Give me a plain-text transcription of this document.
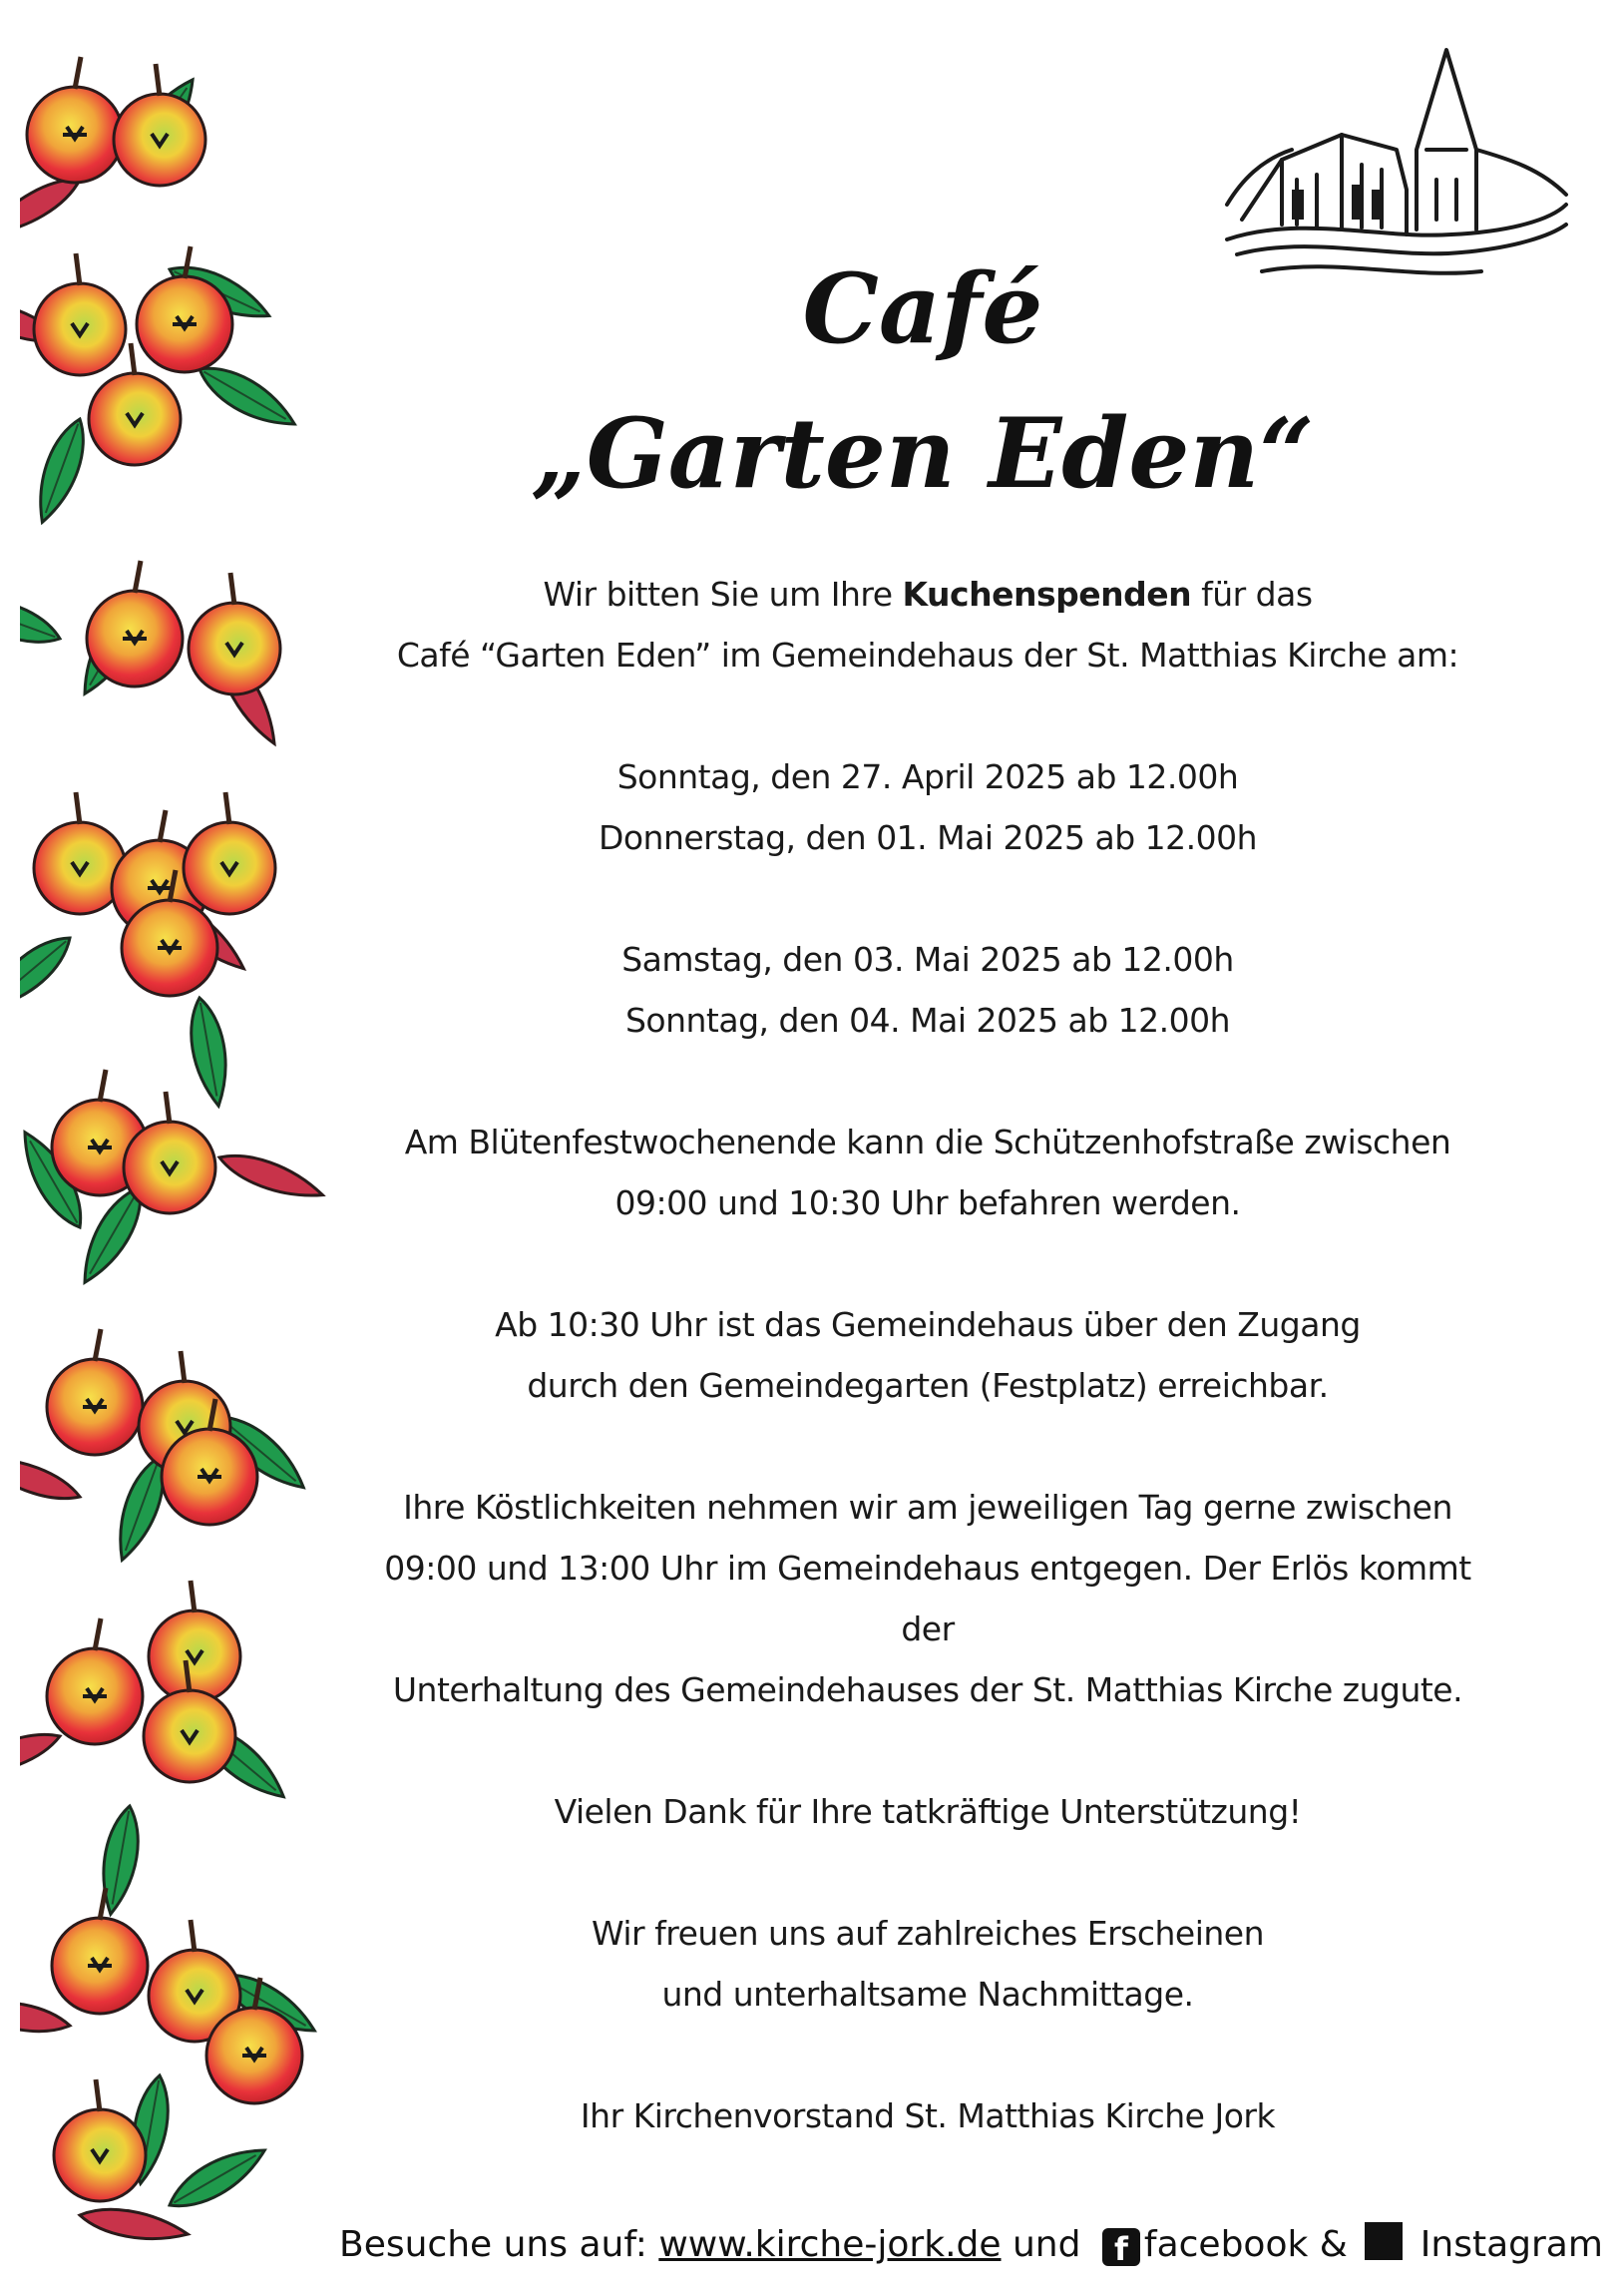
Café
„Garten Eden“

Wir bitten Sie um Ihre Kuchenspenden für das
Café “Garten Eden” im Gemeindehaus der St. Matthias Kirche am:

Sonntag, den 27. April 2025 ab 12.00h
Donnerstag, den 01. Mai 2025 ab 12.00h

Samstag, den 03. Mai 2025 ab 12.00h
Sonntag, den 04. Mai 2025 ab 12.00h

Am Blütenfestwochenende kann die Schützenhofstraße zwischen
09:00 und 10:30 Uhr befahren werden.

Ab 10:30 Uhr ist das Gemeindehaus über den Zugang
durch den Gemeindegarten (Festplatz) erreichbar.

Ihre Köstlichkeiten nehmen wir am jeweiligen Tag gerne zwischen
09:00 und 13:00 Uhr im Gemeindehaus entgegen. Der Erlös kommt der
Unterhaltung des Gemeindehauses der St. Matthias Kirche zugute.

Vielen Dank für Ihre tatkräftige Unterstützung!

Wir freuen uns auf zahlreiches Erscheinen
und unterhaltsame Nachmittage.

Ihr Kirchenvorstand St. Matthias Kirche Jork

Besuche uns auf: www.kirche-jork.de und f facebook & Instagram
